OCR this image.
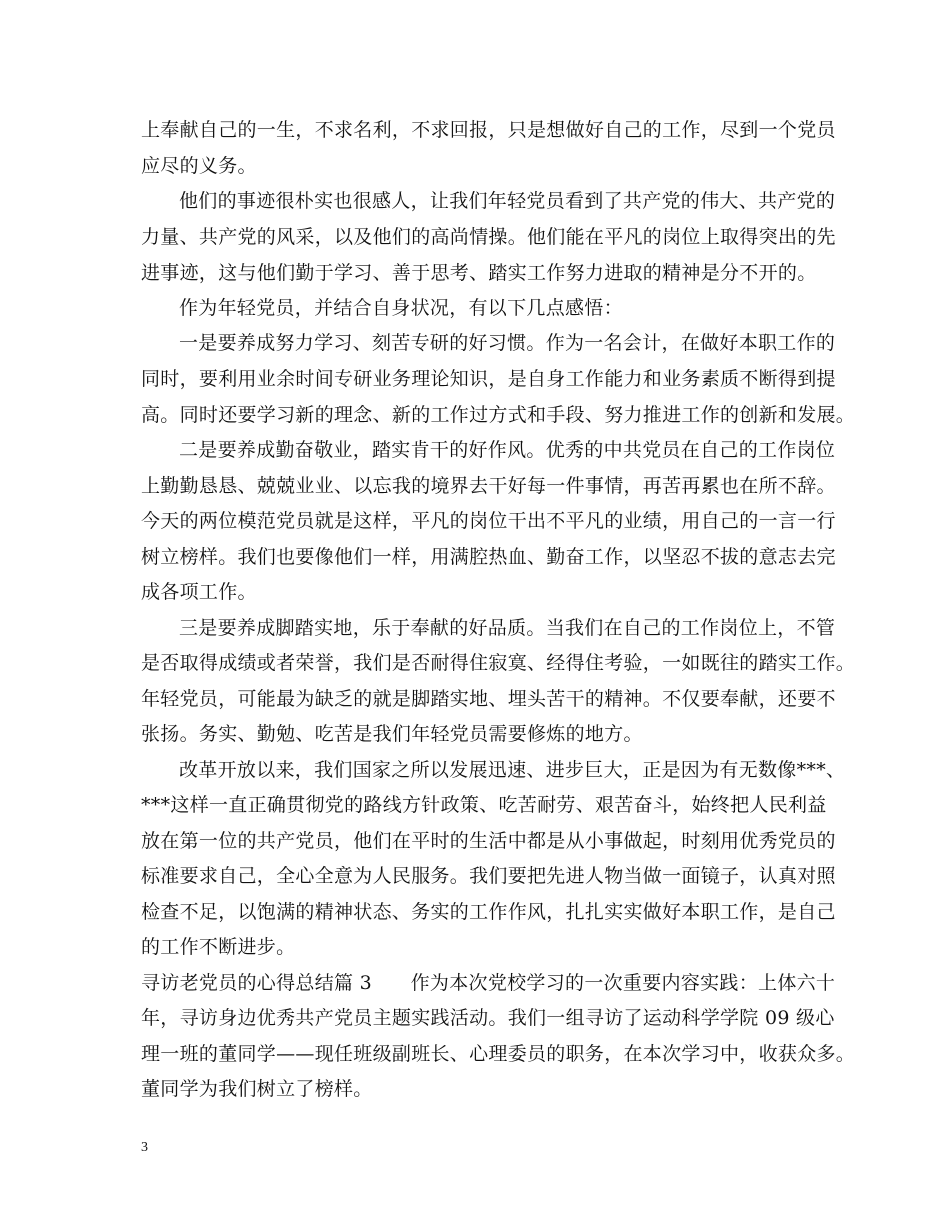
上奉献自己的一生，不求名利，不求回报，只是想做好自己的工作，尽到一个党员
应尽的义务。
他们的事迹很朴实也很感人，让我们年轻党员看到了共产党的伟大、共产党的
力量、共产党的风采，以及他们的高尚情操。他们能在平凡的岗位上取得突出的先
进事迹，这与他们勤于学习、善于思考、踏实工作努力进取的精神是分不开的。
作为年轻党员，并结合自身状况，有以下几点感悟：
一是要养成努力学习、刻苦专研的好习惯。作为一名会计，在做好本职工作的
同时，要利用业余时间专研业务理论知识，是自身工作能力和业务素质不断得到提
高。同时还要学习新的理念、新的工作过方式和手段、努力推进工作的创新和发展。
二是要养成勤奋敬业，踏实肯干的好作风。优秀的中共党员在自己的工作岗位
上勤勤恳恳、兢兢业业、以忘我的境界去干好每一件事情，再苦再累也在所不辞。
今天的两位模范党员就是这样，平凡的岗位干出不平凡的业绩，用自己的一言一行
树立榜样。我们也要像他们一样，用满腔热血、勤奋工作，以坚忍不拔的意志去完
成各项工作。
三是要养成脚踏实地，乐于奉献的好品质。当我们在自己的工作岗位上，不管
是否取得成绩或者荣誉，我们是否耐得住寂寞、经得住考验，一如既往的踏实工作。
年轻党员，可能最为缺乏的就是脚踏实地、埋头苦干的精神。不仅要奉献，还要不
张扬。务实、勤勉、吃苦是我们年轻党员需要修炼的地方。
改革开放以来，我们国家之所以发展迅速、进步巨大，正是因为有无数像***、
***这样一直正确贯彻党的路线方针政策、吃苦耐劳、艰苦奋斗，始终把人民利益
放在第一位的共产党员，他们在平时的生活中都是从小事做起，时刻用优秀党员的
标准要求自己，全心全意为人民服务。我们要把先进人物当做一面镜子，认真对照
检查不足，以饱满的精神状态、务实的工作作风，扎扎实实做好本职工作，是自己
的工作不断进步。
寻访老党员的心得总结篇 3　　作为本次党校学习的一次重要内容实践：上体六十
年，寻访身边优秀共产党员主题实践活动。我们一组寻访了运动科学学院 09 级心
理一班的董同学——现任班级副班长、心理委员的职务，在本次学习中，收获众多。
董同学为我们树立了榜样。
3
